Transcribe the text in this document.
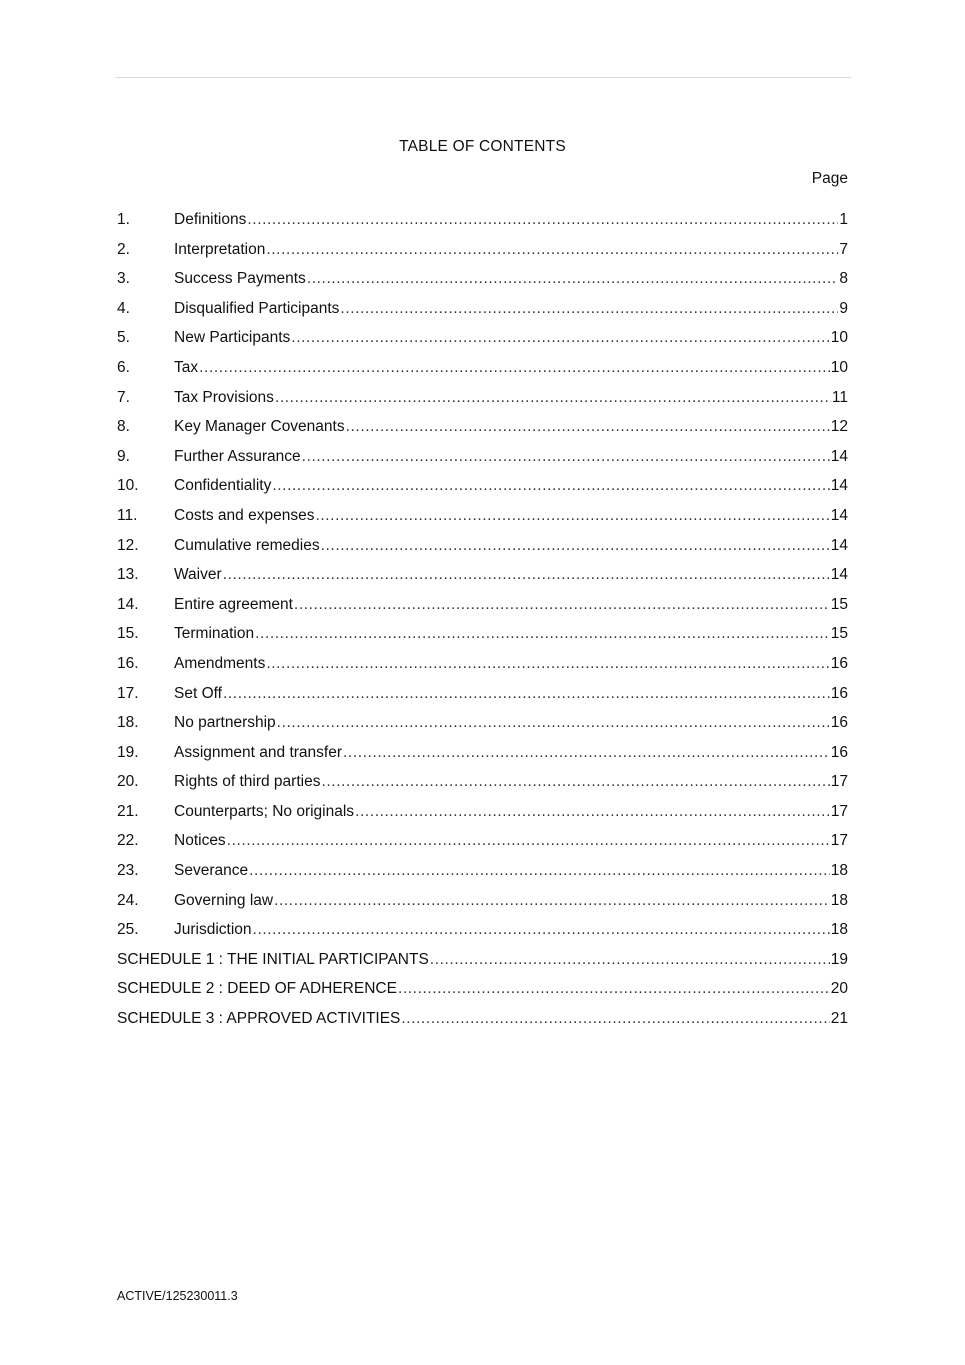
TABLE OF CONTENTS
Page
1.	Definitions .....	1
2.	Interpretation .....	7
3.	Success Payments .....	8
4.	Disqualified Participants .....	9
5.	New Participants .....	10
6.	Tax .....	10
7.	Tax Provisions .....	11
8.	Key Manager Covenants .....	12
9.	Further Assurance .....	14
10.	Confidentiality .....	14
11.	Costs and expenses .....	14
12.	Cumulative remedies .....	14
13.	Waiver .....	14
14.	Entire agreement .....	15
15.	Termination .....	15
16.	Amendments .....	16
17.	Set Off .....	16
18.	No partnership .....	16
19.	Assignment and transfer .....	16
20.	Rights of third parties .....	17
21.	Counterparts; No originals .....	17
22.	Notices .....	17
23.	Severance .....	18
24.	Governing law .....	18
25.	Jurisdiction .....	18
SCHEDULE 1 : THE INITIAL PARTICIPANTS .....	19
SCHEDULE 2 : DEED OF ADHERENCE .....	20
SCHEDULE 3 : APPROVED ACTIVITIES .....	21
ACTIVE/125230011.3
